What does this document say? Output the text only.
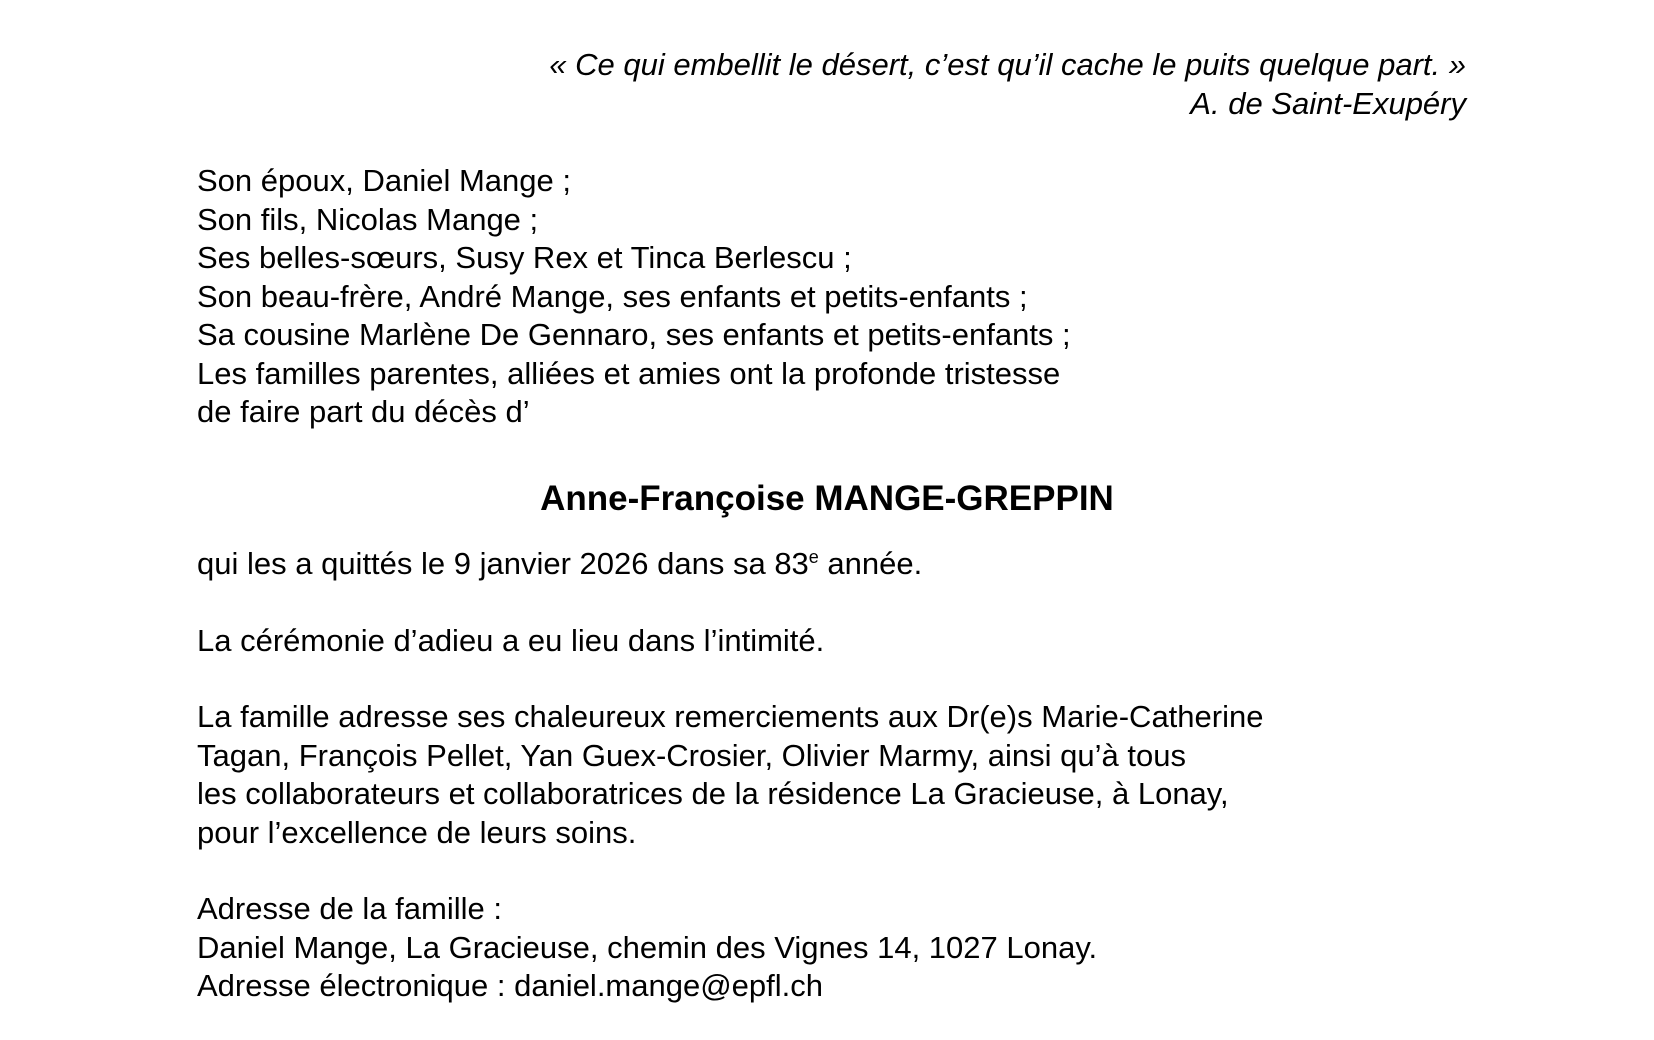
« Ce qui embellit le désert, c’est qu’il cache le puits quelque part. »
A. de Saint-Exupéry
Son époux, Daniel Mange ;
Son fils, Nicolas Mange ;
Ses belles-sœurs, Susy Rex et Tinca Berlescu ;
Son beau-frère, André Mange, ses enfants et petits-enfants ;
Sa cousine Marlène De Gennaro, ses enfants et petits-enfants ;
Les familles parentes, alliées et amies ont la profonde tristesse
de faire part du décès d’
Anne-Françoise MANGE-GREPPIN
qui les a quittés le 9 janvier 2026 dans sa 83e année.
La cérémonie d’adieu a eu lieu dans l’intimité.
La famille adresse ses chaleureux remerciements aux Dr(e)s Marie-Catherine
Tagan, François Pellet, Yan Guex-Crosier, Olivier Marmy, ainsi qu’à tous
les collaborateurs et collaboratrices de la résidence La Gracieuse, à Lonay,
pour l’excellence de leurs soins.
Adresse de la famille :
Daniel Mange, La Gracieuse, chemin des Vignes 14, 1027 Lonay.
Adresse électronique : daniel.mange@epfl.ch
